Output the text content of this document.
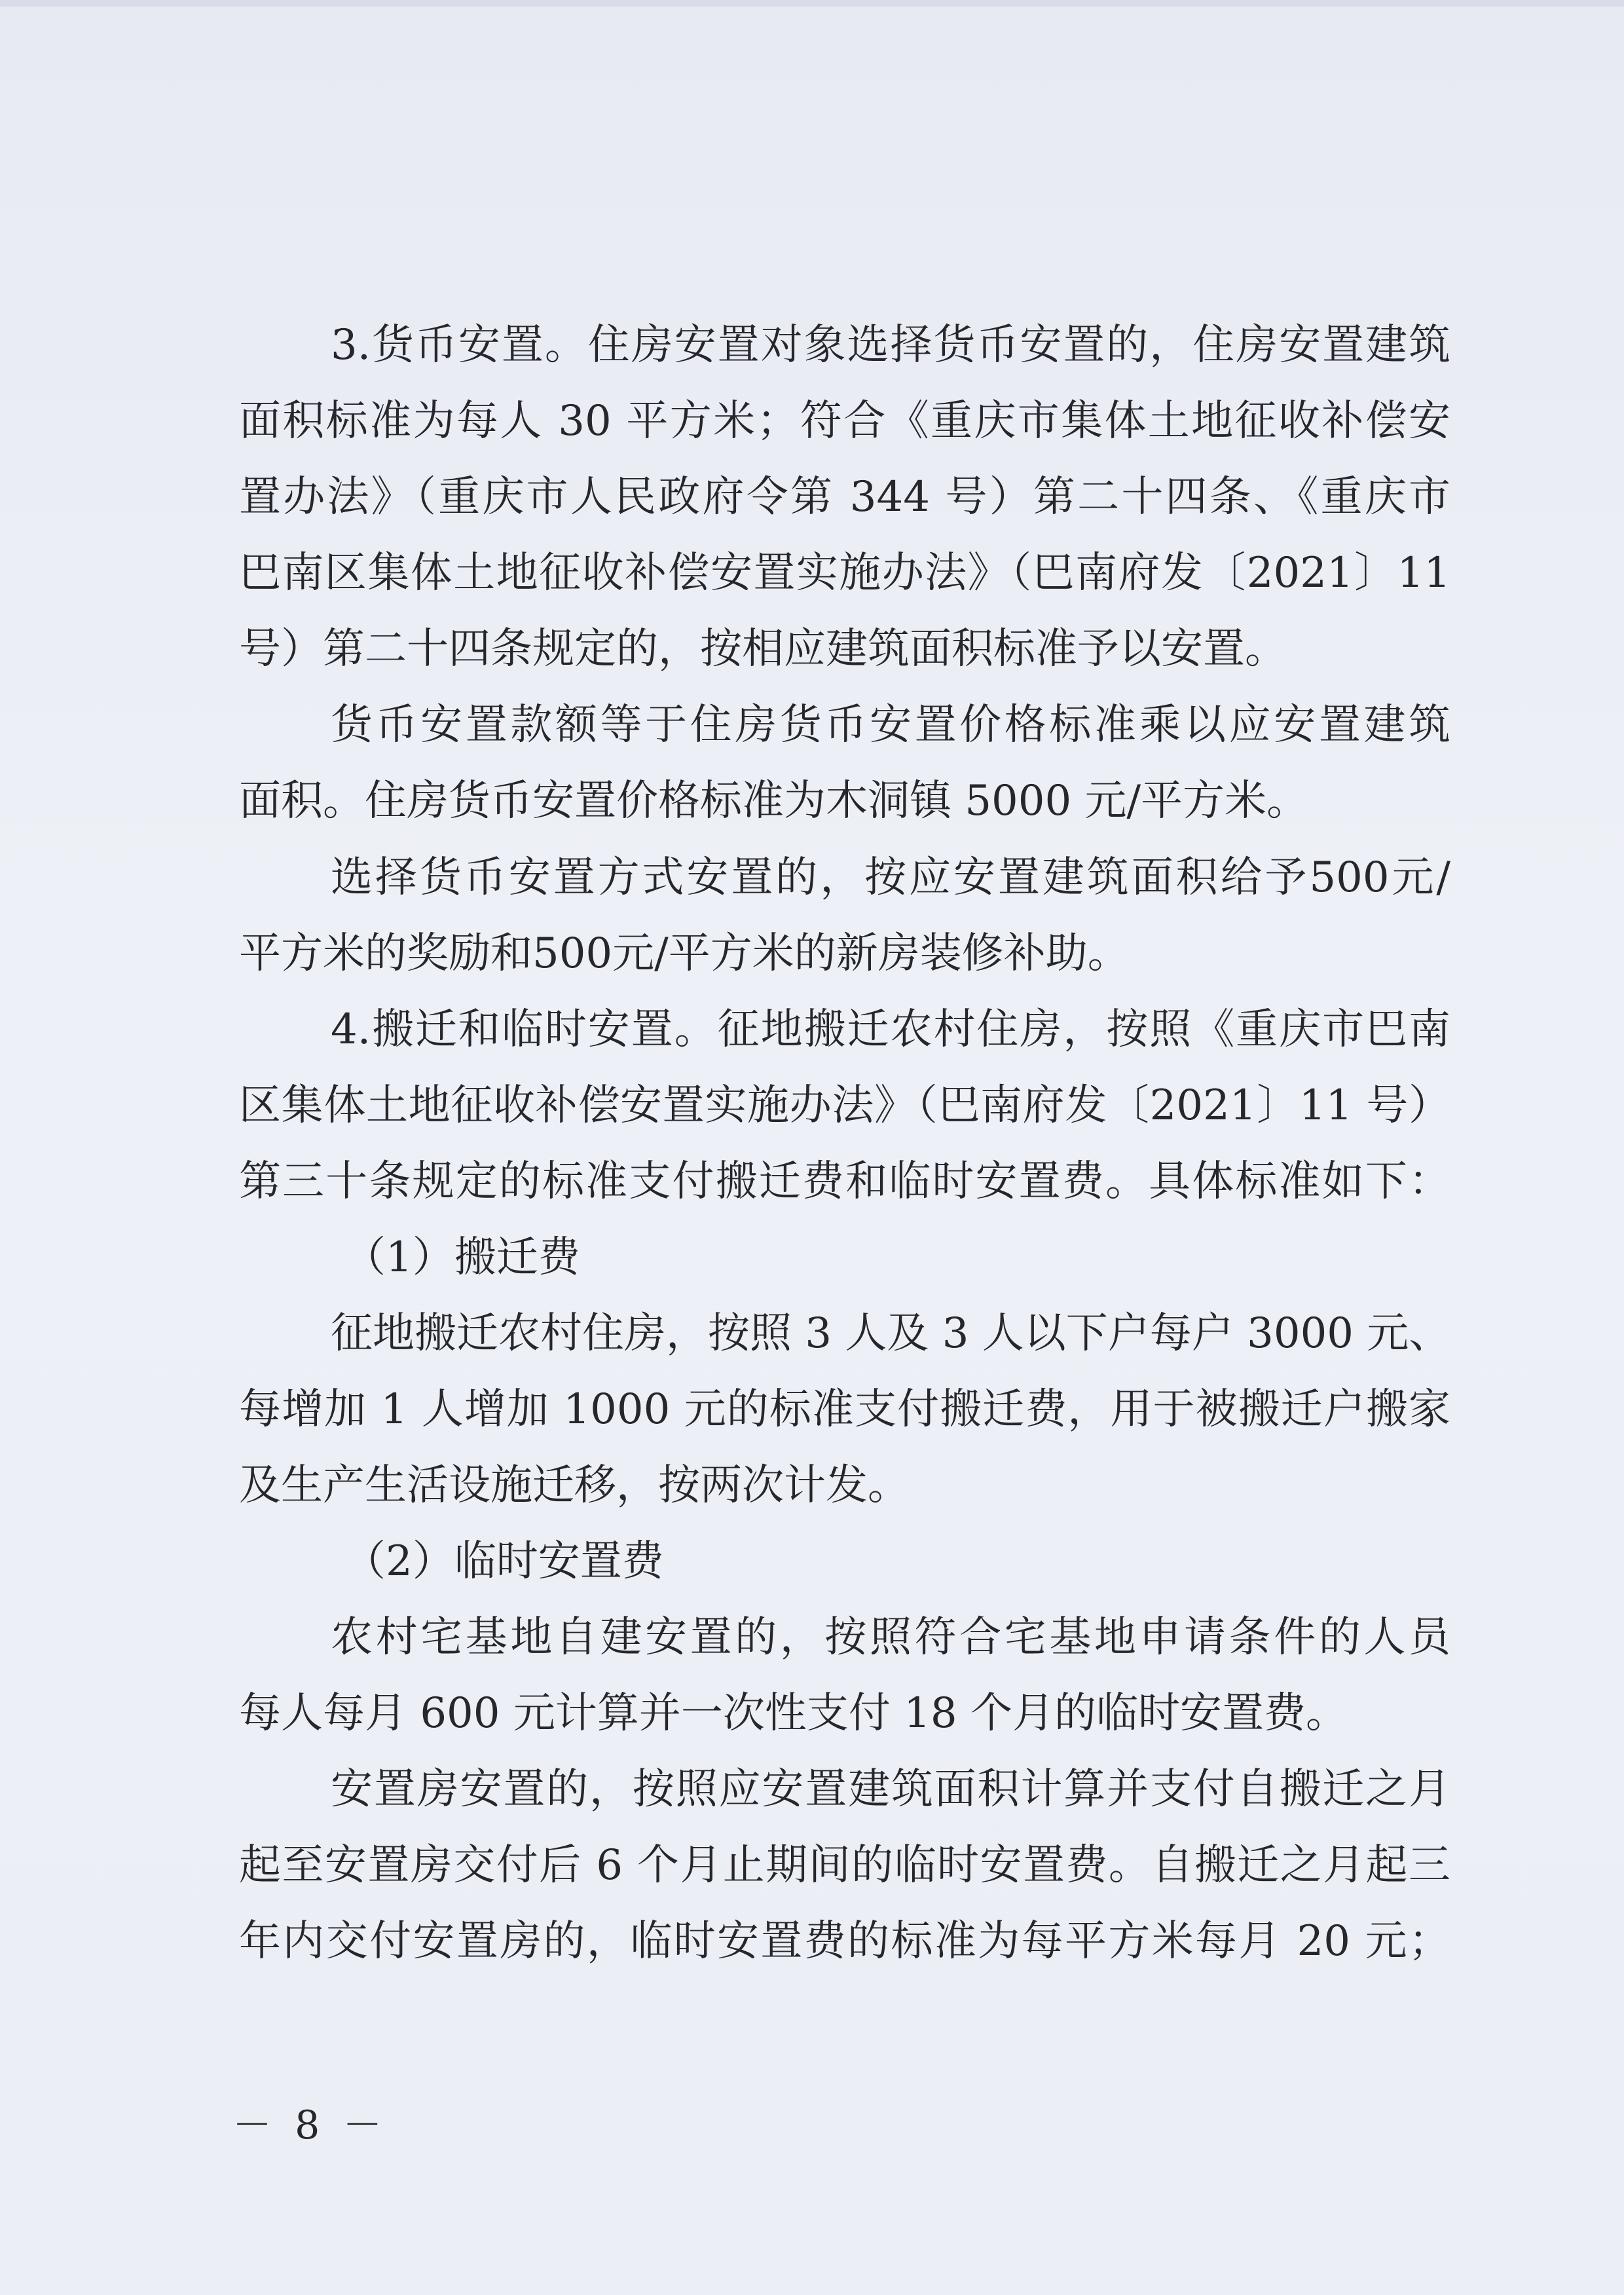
3.货币安置。住房安置对象选择货币安置的，住房安置建筑
面积标准为每人 30 平方米；符合《重庆市集体土地征收补偿安
置办法》（重庆市人民政府令第 344 号）第二十四条、《重庆市
巴南区集体土地征收补偿安置实施办法》（巴南府发〔2021〕11
号）第二十四条规定的，按相应建筑面积标准予以安置。
货币安置款额等于住房货币安置价格标准乘以应安置建筑
面积。住房货币安置价格标准为木洞镇 5000 元/平方米。
选择货币安置方式安置的，按应安置建筑面积给予500元/
平方米的奖励和500元/平方米的新房装修补助。
4.搬迁和临时安置。征地搬迁农村住房，按照《重庆市巴南
区集体土地征收补偿安置实施办法》（巴南府发〔2021〕11 号）
第三十条规定的标准支付搬迁费和临时安置费。具体标准如下：
（1）搬迁费
征地搬迁农村住房，按照 3 人及 3 人以下户每户 3000 元、
每增加 1 人增加 1000 元的标准支付搬迁费，用于被搬迁户搬家
及生产生活设施迁移，按两次计发。
（2）临时安置费
农村宅基地自建安置的，按照符合宅基地申请条件的人员
每人每月 600 元计算并一次性支付 18 个月的临时安置费。
安置房安置的，按照应安置建筑面积计算并支付自搬迁之月
起至安置房交付后 6 个月止期间的临时安置费。自搬迁之月起三
年内交付安置房的，临时安置费的标准为每平方米每月 20 元；
－ 8 －
